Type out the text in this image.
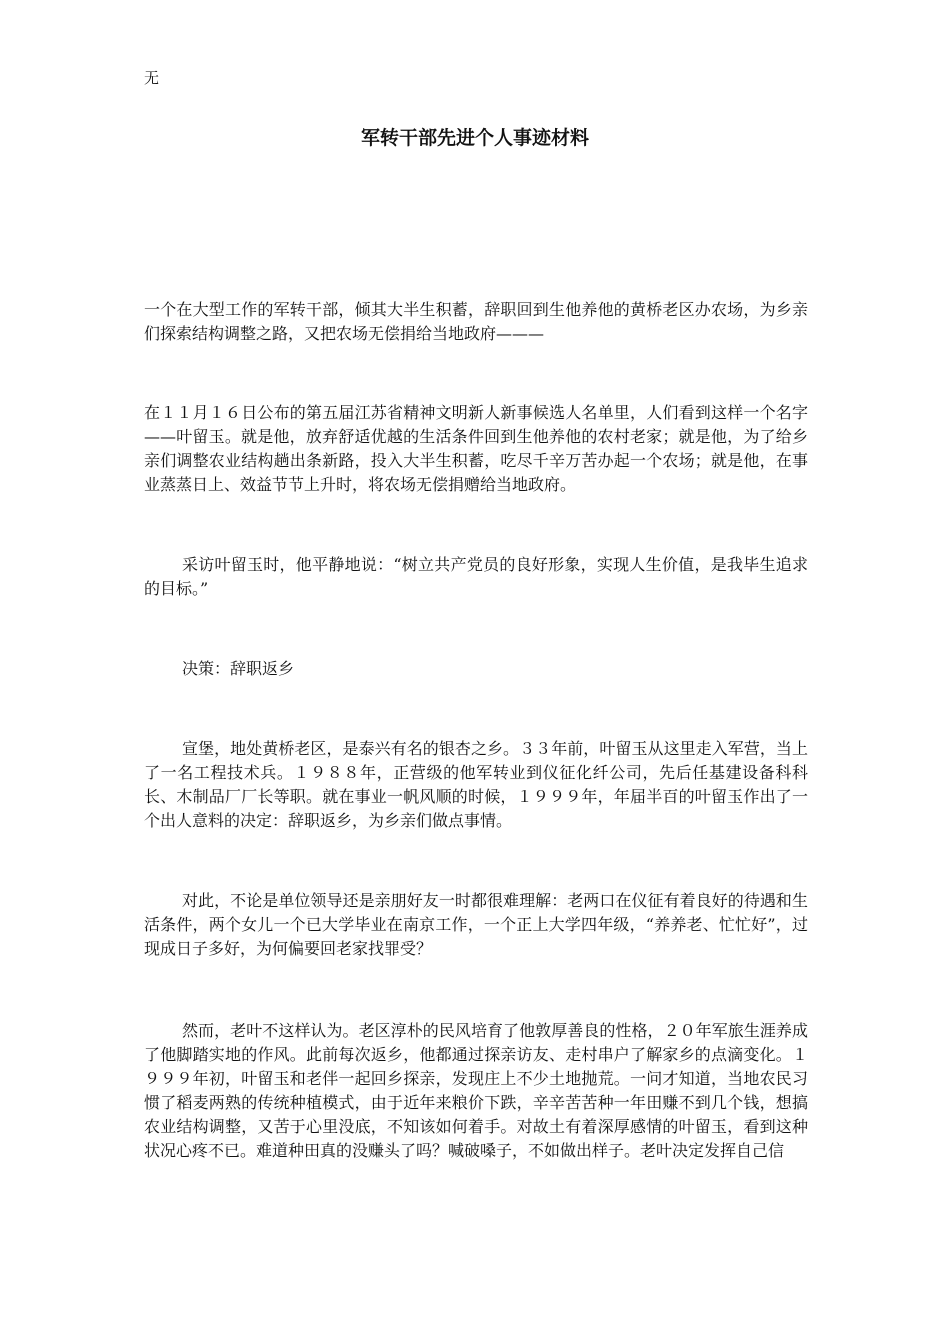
无
军转干部先进个人事迹材料

一个在大型工作的军转干部，倾其大半生积蓄，辞职回到生他养他的黄桥老区办农场，为乡亲们探索结构调整之路，又把农场无偿捐给当地政府———

在１１月１６日公布的第五届江苏省精神文明新人新事候选人名单里，人们看到这样一个名字——叶留玉。就是他，放弃舒适优越的生活条件回到生他养他的农村老家；就是他，为了给乡亲们调整农业结构趟出条新路，投入大半生积蓄，吃尽千辛万苦办起一个农场；就是他，在事业蒸蒸日上、效益节节上升时，将农场无偿捐赠给当地政府。

采访叶留玉时，他平静地说：“树立共产党员的良好形象，实现人生价值，是我毕生追求的目标。”

决策：辞职返乡

宣堡，地处黄桥老区，是泰兴有名的银杏之乡。３３年前，叶留玉从这里走入军营，当上了一名工程技术兵。１９８８年，正营级的他军转业到仪征化纤公司，先后任基建设备科科长、木制品厂厂长等职。就在事业一帆风顺的时候，１９９９年，年届半百的叶留玉作出了一个出人意料的决定：辞职返乡，为乡亲们做点事情。

对此，不论是单位领导还是亲朋好友一时都很难理解：老两口在仪征有着良好的待遇和生活条件，两个女儿一个已大学毕业在南京工作，一个正上大学四年级，“养养老、忙忙好”，过现成日子多好，为何偏要回老家找罪受？

然而，老叶不这样认为。老区淳朴的民风培育了他敦厚善良的性格，２０年军旅生涯养成了他脚踏实地的作风。此前每次返乡，他都通过探亲访友、走村串户了解家乡的点滴变化。１９９９年初，叶留玉和老伴一起回乡探亲，发现庄上不少土地抛荒。一问才知道，当地农民习惯了稻麦两熟的传统种植模式，由于近年来粮价下跌，辛辛苦苦种一年田赚不到几个钱，想搞农业结构调整，又苦于心里没底，不知该如何着手。对故土有着深厚感情的叶留玉，看到这种状况心疼不已。难道种田真的没赚头了吗？喊破嗓子，不如做出样子。老叶决定发挥自己信
